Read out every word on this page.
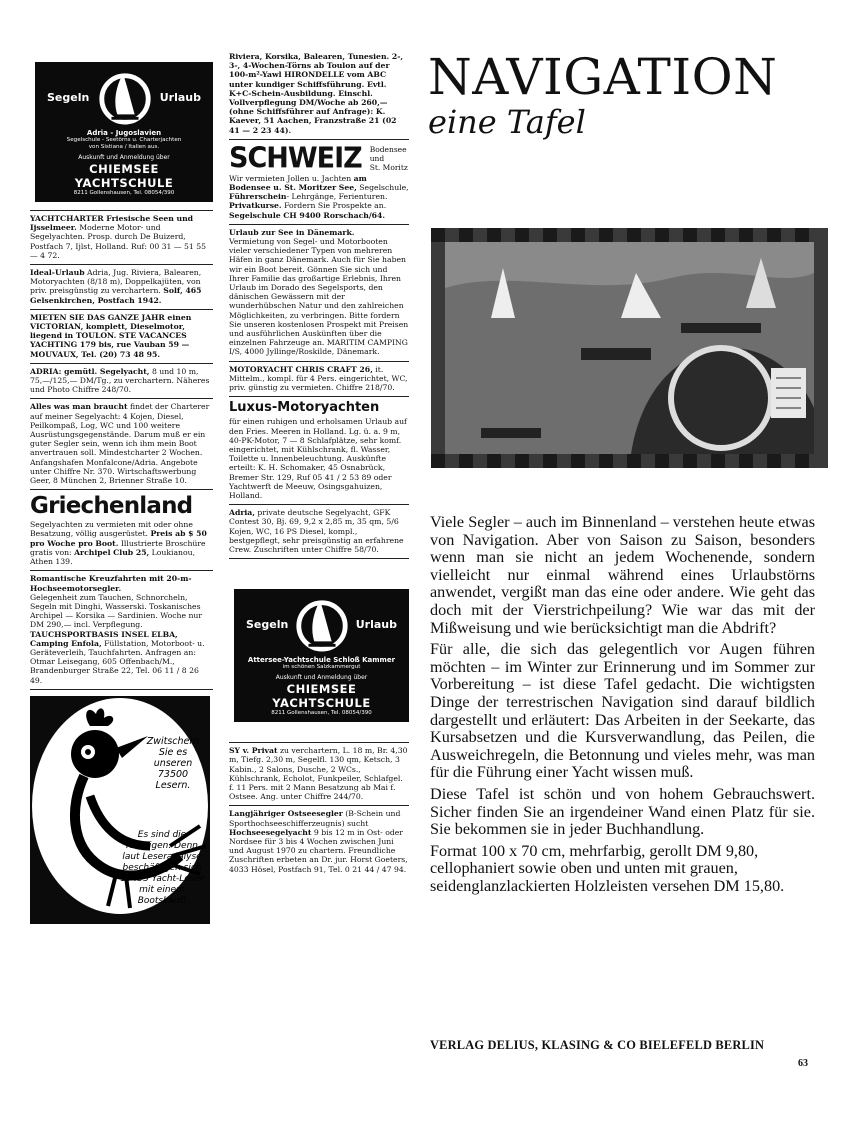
Segeln	Urlaub
Adria - Jugoslavien
Segelschule - Seetörns u. Charterjachten
von Sistiana / Italien aus.
Auskunft und Anmeldung über
CHIEMSEE YACHTSCHULE
8211 Gollenshausen, Tel. 08054/390

YACHTCHARTER Friesische Seen und Ijsselmeer. Moderne Motor- und Segelyachten. Prosp. durch De Buizerd, Postfach 7, Ijlst, Holland. Ruf: 00 31 — 51 55 — 4 72.

Ideal-Urlaub Adria, Jug. Riviera, Balearen, Motoryachten (8/18 m), Doppelkajüten, von priv. preisgünstig zu verchartern. Solf, 465 Gelsenkirchen, Postfach 1942.

MIETEN SIE DAS GANZE JAHR einen VICTORIAN, komplett, Dieselmotor, liegend in TOULON. STE VACANCES YACHTING 179 bis, rue Vauban 59 — MOUVAUX, Tel. (20) 73 48 95.

ADRIA: gemütl. Segelyacht, 8 und 10 m, 75,—/125,— DM/Tg., zu verchartern. Näheres und Photo Chiffre 248/70.

Alles was man braucht findet der Charterer auf meiner Segelyacht: 4 Kojen, Diesel, Peilkompaß, Log, WC und 100 weitere Ausrüstungsgegenstände. Darum muß er ein guter Segler sein, wenn ich ihm mein Boot anvertrauen soll. Mindestcharter 2 Wochen. Anfangshafen Monfalcone/Adria. Angebote unter Chiffre Nr. 370. Wirtschaftswerbung Geer, 8 München 2, Brienner Straße 10.

Griechenland

Segelyachten zu vermieten mit oder ohne Besatzung, völlig ausgerüstet. Preis ab $ 50 pro Woche pro Boot. Illustrierte Broschüre gratis von: Archipel Club 25, Loukianou, Athen 139.

Romantische Kreuzfahrten mit 20-m-Hochseemotorsegler.

Gelegenheit zum Tauchen, Schnorcheln, Segeln mit Dinghi, Wasserski. Toskanisches Archipel — Korsika — Sardinien. Woche nur DM 290,— incl. Verpflegung. TAUCHSPORTBASIS INSEL ELBA, Camping Enfola, Füllstation, Motorboot- u. Geräteverleih, Tauchfahrten. Anfragen an: Otmar Leisegang, 605 Offenbach/M., Brandenburger Straße 22, Tel. 06 11 / 8 26 49.

Zwitschern Sie es unseren 73500 Lesern.
Es sind die Richtigen. Denn laut Leseranalyse beschäftigen sich 15435 Yacht-Leser mit einem Bootskauf!

Riviera, Korsika, Balearen, Tunesien. 2-, 3-, 4-Wochen-Törns ab Toulon auf der 100-m²-Yawl HIRONDELLE vom ABC unter kundiger Schiffsführung. Evtl. K+C-Schein-Ausbildung. Einschl. Vollverpflegung DM/Woche ab 260,— (ohne Schiffsführer auf Anfrage): K. Kaever, 51 Aachen, Franzstraße 21 (02 41 — 2 23 44).

SCHWEIZ Bodensee
und
St. Moritz

Wir vermieten Jollen u. Jachten am Bodensee u. St. Moritzer See, Segelschule, Führerschein- Lehrgänge, Ferienturen. Privatkurse. Fordern Sie Prospekte an. Segelschule CH 9400 Rorschach/64.

Urlaub zur See in Dänemark.

Vermietung von Segel- und Motorbooten vieler verschiedener Typen von mehreren Häfen in ganz Dänemark. Auch für Sie haben wir ein Boot bereit. Gönnen Sie sich und Ihrer Familie das großartige Erlebnis, Ihren Urlaub im Dorado des Segelsports, den dänischen Gewässern mit der wunderhübschen Natur und den zahlreichen Möglichkeiten, zu verbringen. Bitte fordern Sie unseren kostenlosen Prospekt mit Preisen und ausführlichen Auskünften über die einzelnen Fahrzeuge an. MARITIM CAMPING I/S, 4000 Jyllinge/Roskilde, Dänemark.

MOTORYACHT CHRIS CRAFT 26, it. Mittelm., kompl. für 4 Pers. eingerichtet, WC, priv. günstig zu vermieten. Chiffre 218/70.

Luxus-Motoryachten

für einen ruhigen und erholsamen Urlaub auf den Fries. Meeren in Holland. Lg. ü. a. 9 m, 40-PK-Motor, 7 — 8 Schlafplätze, sehr komf. eingerichtet, mit Kühlschrank, fl. Wasser, Toilette u. Innenbeleuchtung. Auskünfte erteilt: K. H. Schomaker, 45 Osnabrück, Bremer Str. 129, Ruf 05 41 / 2 53 89 oder Yachtwerft de Meeuw, Osingsgahuizen, Holland.

Adria, private deutsche Segelyacht, GFK Contest 30, Bj. 69, 9,2 x 2,85 m, 35 qm, 5/6 Kojen, WC, 16 PS Diesel, kompl., bestgepflegt, sehr preisgünstig an erfahrene Crew. Zuschriften unter Chiffre 58/70.

Segeln	Urlaub
Attersee-Yachtschule Schloß Kammer
im schönen Salzkammergut
Auskunft und Anmeldung über
CHIEMSEE YACHTSCHULE
8211 Gollenshausen, Tel. 08054/390

SY v. Privat zu verchartern, L. 18 m, Br. 4,30 m, Tiefg. 2,30 m, Segelfl. 130 qm, Ketsch, 3 Kabin., 2 Salons, Dusche, 2 WCs., Kühlschrank, Echolot, Funkpeiler, Schlafgel. f. 11 Pers. mit 2 Mann Besatzung ab Mai f. Ostsee. Ang. unter Chiffre 244/70.

Langjähriger Ostseesegler (B-Schein und Sporthochseeschifferzeugnis) sucht Hochseesegelyacht 9 bis 12 m in Ost- oder Nordsee für 3 bis 4 Wochen zwischen Juni und August 1970 zu chartern. Freundliche Zuschriften erbeten an Dr. jur. Horst Goeters, 4033 Hösel, Postfach 91, Tel. 0 21 44 / 47 94.

NAVIGATION
eine Tafel

Viele Segler – auch im Binnenland – verstehen heute etwas von Navigation. Aber von Saison zu Saison, besonders wenn man sie nicht an jedem Wochenende, sondern vielleicht nur einmal während eines Urlaubstörns anwendet, vergißt man das eine oder andere. Wie geht das doch mit der Vierstrichpeilung? Wie war das mit der Mißweisung und wie berücksichtigt man die Abdrift?

Für alle, die sich das gelegentlich vor Augen führen möchten – im Winter zur Erinnerung und im Sommer zur Vorbereitung – ist diese Tafel gedacht. Die wichtigsten Dinge der terrestrischen Navigation sind darauf bildlich dargestellt und erläutert: Das Arbeiten in der Seekarte, das Kursabsetzen und die Kursverwandlung, das Peilen, die Ausweichregeln, die Betonnung und vieles mehr, was man für die Führung einer Yacht wissen muß.

Diese Tafel ist schön und von hohem Gebrauchswert. Sicher finden Sie an irgendeiner Wand einen Platz für sie. Sie bekommen sie in jeder Buchhandlung.

Format 100 x 70 cm, mehrfarbig, gerollt DM 9,80, cellophaniert sowie oben und unten mit grauen, seidenglanzlackierten Holzleisten versehen DM 15,80.

VERLAG DELIUS, KLASING & CO BIELEFELD BERLIN
63
